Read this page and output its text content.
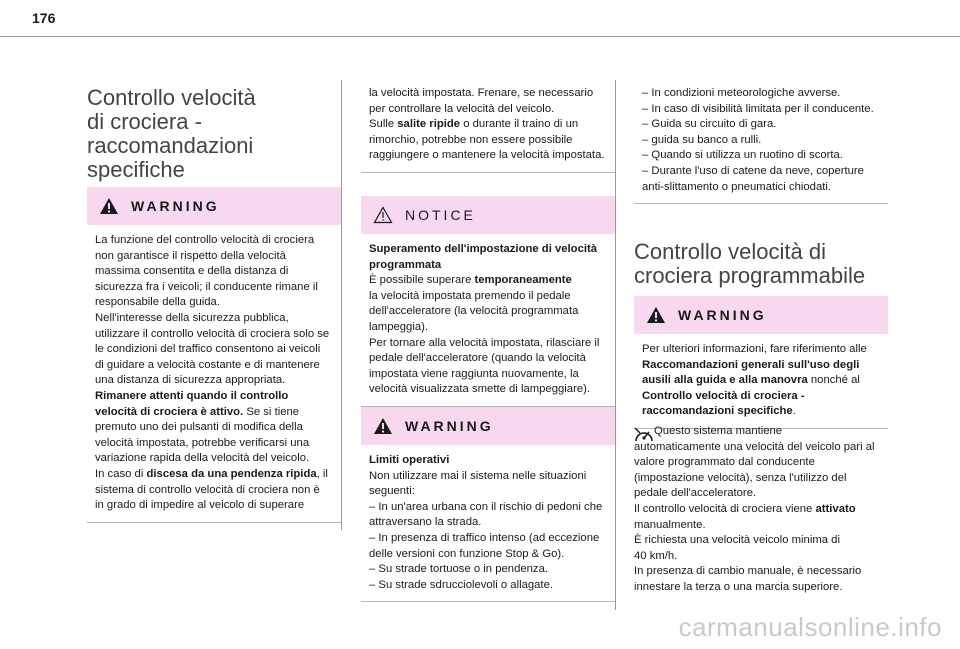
176
Controllo velocità
di crociera -
raccomandazioni
specifiche
WARNING

La funzione del controllo velocità di crociera non garantisce il rispetto della velocità massima consentita e della distanza di sicurezza fra i veicoli; il conducente rimane il responsabile della guida.
Nell'interesse della sicurezza pubblica, utilizzare il controllo velocità di crociera solo se le condizioni del traffico consentono ai veicoli di guidare a velocità costante e di mantenere una distanza di sicurezza appropriata.
Rimanere attenti quando il controllo velocità di crociera è attivo. Se si tiene premuto uno dei pulsanti di modifica della velocità impostata, potrebbe verificarsi una variazione rapida della velocità del veicolo.
In caso di discesa da una pendenza ripida, il sistema di controllo velocità di crociera non è in grado di impedire al veicolo di superare

la velocità impostata. Frenare, se necessario per controllare la velocità del veicolo.
Sulle salite ripide o durante il traino di un rimorchio, potrebbe non essere possibile raggiungere o mantenere la velocità impostata.

NOTICE

Superamento dell'impostazione di velocità programmata
È possibile superare temporaneamente
la velocità impostata premendo il pedale dell'acceleratore (la velocità programmata lampeggia).
Per tornare alla velocità impostata, rilasciare il pedale dell'acceleratore (quando la velocità impostata viene raggiunta nuovamente, la velocità visualizzata smette di lampeggiare).

WARNING

Limiti operativi
Non utilizzare mai il sistema nelle situazioni seguenti:
– In un'area urbana con il rischio di pedoni che attraversano la strada.
– In presenza di traffico intenso (ad eccezione delle versioni con funzione Stop & Go).
– Su strade tortuose o in pendenza.
– Su strade sdrucciolevoli o allagate.

– In condizioni meteorologiche avverse.
– In caso di visibilità limitata per il conducente.
– Guida su circuito di gara.
– guida su banco a rulli.
– Quando si utilizza un ruotino di scorta.
– Durante l'uso di catene da neve, coperture anti-slittamento o pneumatici chiodati.

Controllo velocità di
crociera programmabile
WARNING

Per ulteriori informazioni, fare riferimento alle Raccomandazioni generali sull'uso degli ausili alla guida e alla manovra nonché al Controllo velocità di crociera - raccomandazioni specifiche.

Questo sistema mantiene
automaticamente una velocità del veicolo pari al valore programmato dal conducente (impostazione velocità), senza l'utilizzo del pedale dell'acceleratore.
Il controllo velocità di crociera viene attivato
manualmente.
È richiesta una velocità veicolo minima di
40 km/h.
In presenza di cambio manuale, è necessario innestare la terza o una marcia superiore.

carmanualsonline.info
